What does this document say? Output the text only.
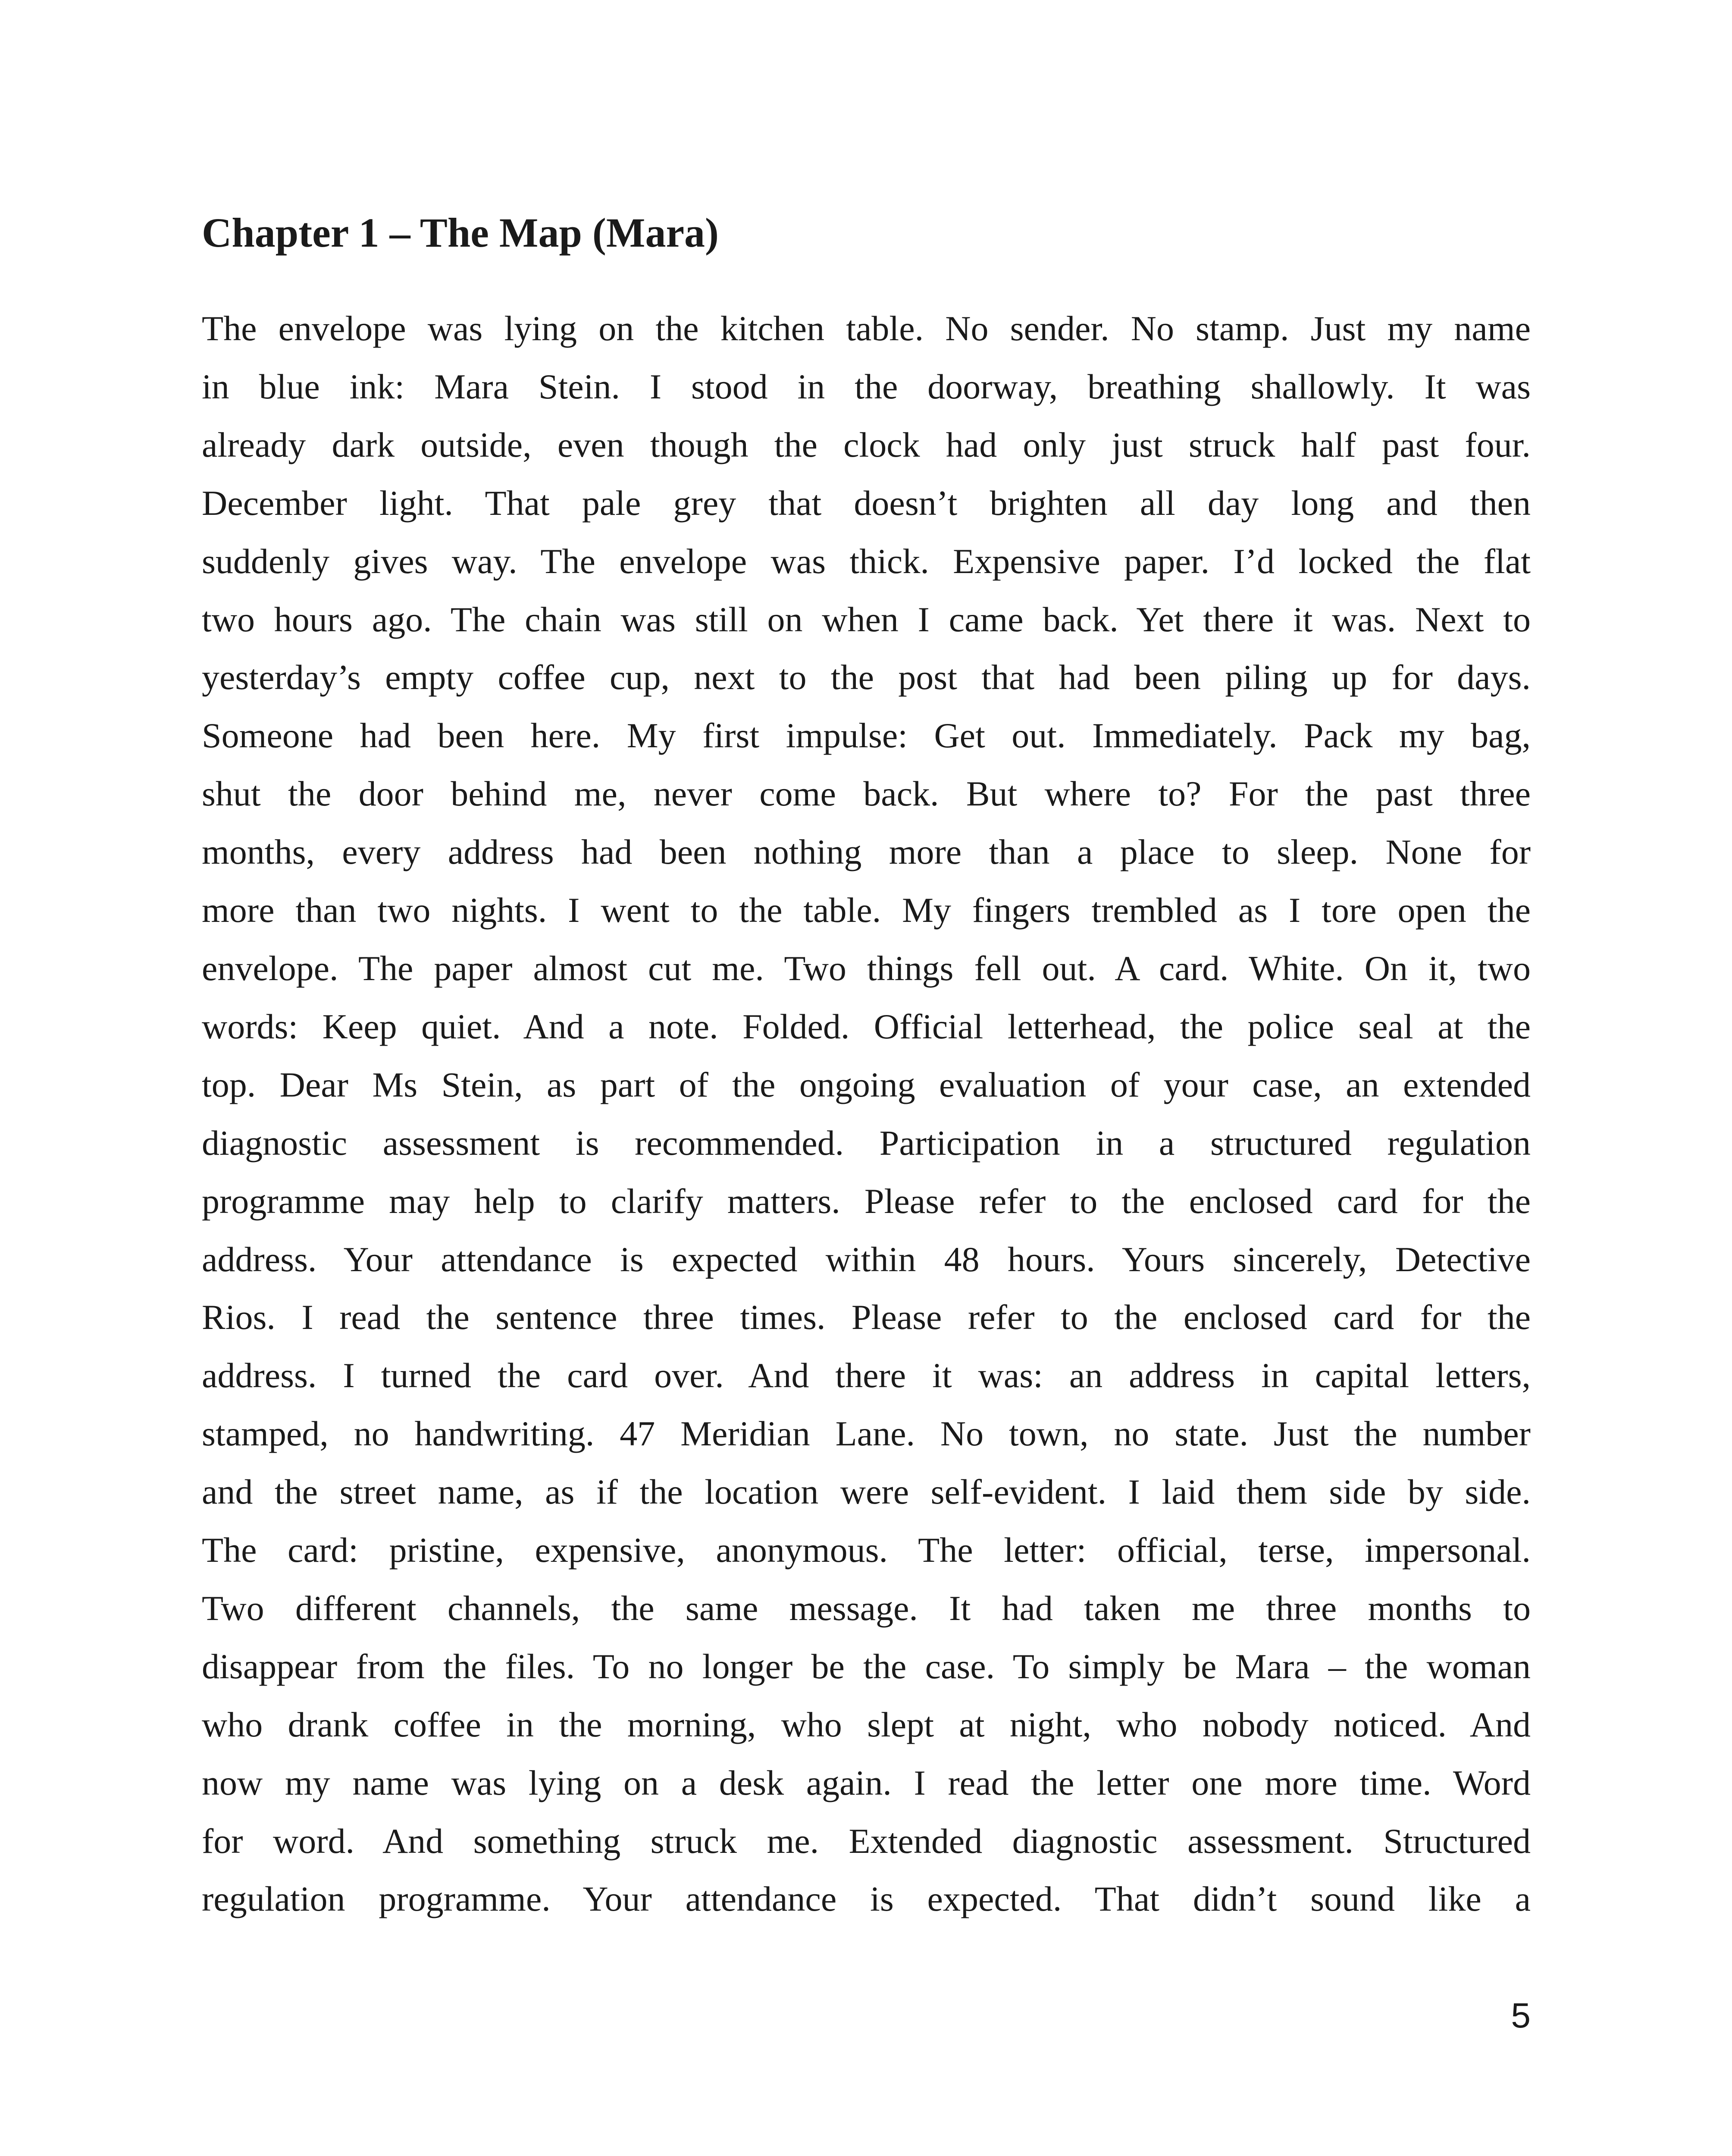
Chapter 1 – The Map (Mara)
The envelope was lying on the kitchen table. No sender. No stamp. Just my name
in blue ink: Mara Stein. I stood in the doorway, breathing shallowly. It was
already dark outside, even though the clock had only just struck half past four.
December light. That pale grey that doesn’t brighten all day long and then
suddenly gives way. The envelope was thick. Expensive paper. I’d locked the flat
two hours ago. The chain was still on when I came back. Yet there it was. Next to
yesterday’s empty coffee cup, next to the post that had been piling up for days.
Someone had been here. My first impulse: Get out. Immediately. Pack my bag,
shut the door behind me, never come back. But where to? For the past three
months, every address had been nothing more than a place to sleep. None for
more than two nights. I went to the table. My fingers trembled as I tore open the
envelope. The paper almost cut me. Two things fell out. A card. White. On it, two
words: Keep quiet. And a note. Folded. Official letterhead, the police seal at the
top. Dear Ms Stein, as part of the ongoing evaluation of your case, an extended
diagnostic assessment is recommended. Participation in a structured regulation
programme may help to clarify matters. Please refer to the enclosed card for the
address. Your attendance is expected within 48 hours. Yours sincerely, Detective
Rios. I read the sentence three times. Please refer to the enclosed card for the
address. I turned the card over. And there it was: an address in capital letters,
stamped, no handwriting. 47 Meridian Lane. No town, no state. Just the number
and the street name, as if the location were self-evident. I laid them side by side.
The card: pristine, expensive, anonymous. The letter: official, terse, impersonal.
Two different channels, the same message. It had taken me three months to
disappear from the files. To no longer be the case. To simply be Mara – the woman
who drank coffee in the morning, who slept at night, who nobody noticed. And
now my name was lying on a desk again. I read the letter one more time. Word
for word. And something struck me. Extended diagnostic assessment. Structured
regulation programme. Your attendance is expected. That didn’t sound like a
5
